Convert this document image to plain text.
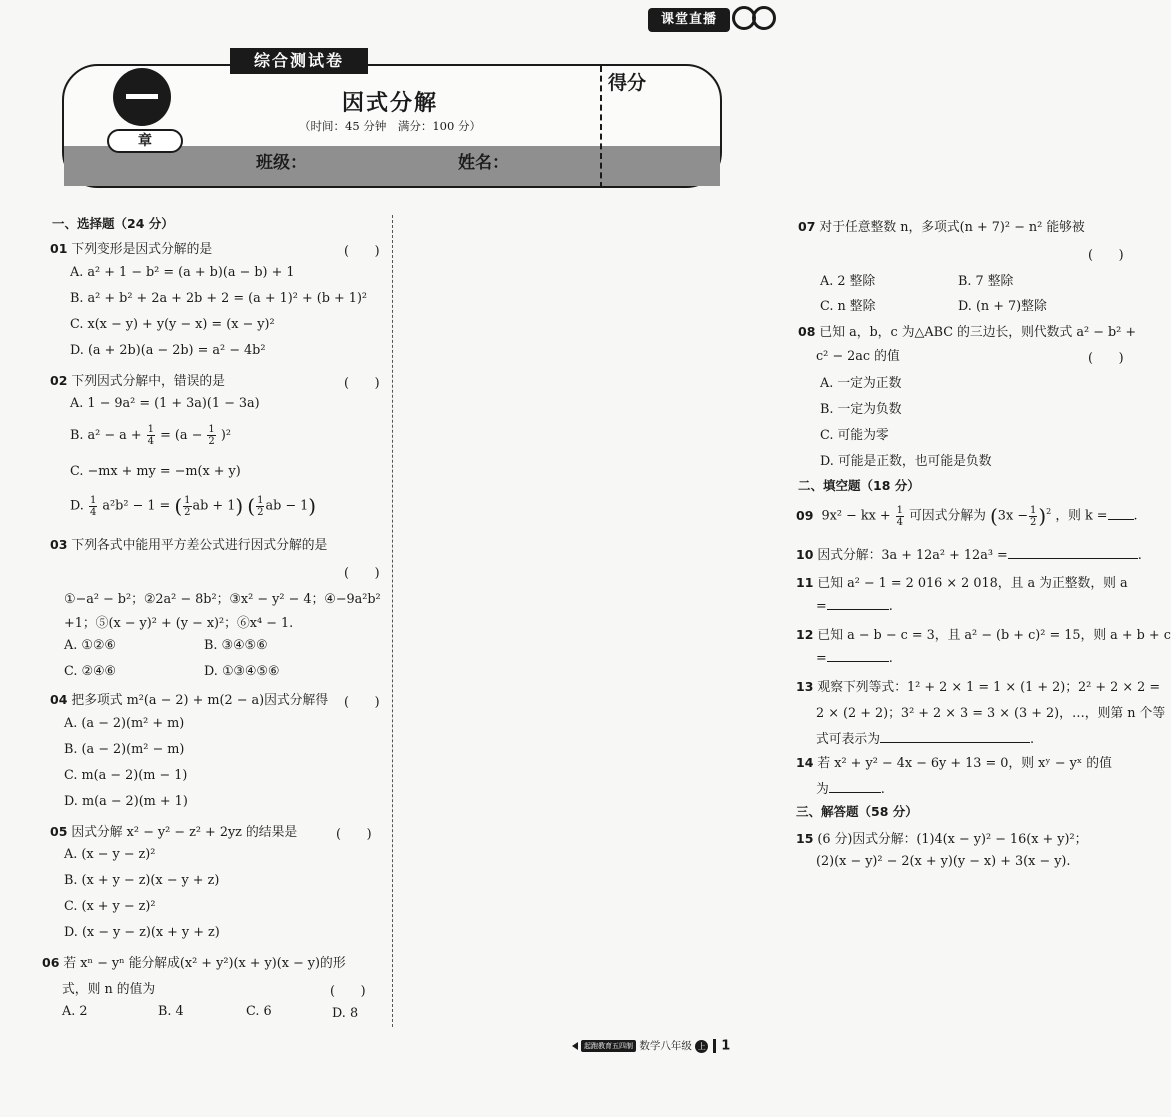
课堂直播
综合测试卷
章
因式分解
（时间：45 分钟　满分：100 分）
得分
班级：	姓名：
一、选择题（24 分）
01 下列变形是因式分解的是	(　　)
A. a² + 1 − b² = (a + b)(a − b) + 1
B. a² + b² + 2a + 2b + 2 = (a + 1)² + (b + 1)²
C. x(x − y) + y(y − x) = (x − y)²
D. (a + 2b)(a − 2b) = a² − 4b²
02 下列因式分解中，错误的是	(　　)
A. 1 − 9a² = (1 + 3a)(1 − 3a)
B. $a^2 - a + \frac{1}{4} = (a - \frac{1}{2} )^2$
C. −mx + my = −m(x + y)
D. $\frac{1}{4} a^2b^2 - 1$ = ( $\frac{1}{2}$ ab + 1) ( $\frac{1}{2}$ ab − 1)
03 下列各式中能用平方差公式进行因式分解的是
(　　)
①−a² − b²；②2a² − 8b²；③x² − y² − 4；④−9a²b²
+1；⑤(x − y)² + (y − x)²；⑥x⁴ − 1.
A. ①②⑥	B. ③④⑤⑥
C. ②④⑥	D. ①③④⑤⑥
04 把多项式 m²(a − 2) + m(2 − a)因式分解得 (　　)
A. (a − 2)(m² + m)
B. (a − 2)(m² − m)
C. m(a − 2)(m − 1)
D. m(a − 2)(m + 1)
05 因式分解 x² − y² − z² + 2yz 的结果是	(　　)
A. (x − y − z)²
B. (x + y − z)(x − y + z)
C. (x + y − z)²
D. (x − y − z)(x + y + z)
06 若 xⁿ − yⁿ 能分解成(x² + y²)(x + y)(x − y)的形
式，则 n 的值为	(　　)
A. 2	B. 4	C. 6	D. 8
07 对于任意整数 n，多项式(n + 7)² − n² 能够被
(　　)
A. 2 整除	B. 7 整除
C. n 整除	D. (n + 7)整除
08 已知 a，b，c 为△ABC 的三边长，则代数式 a² − b² +
c² − 2ac 的值	(　　)
A. 一定为正数
B. 一定为负数
C. 可能为零
D. 可能是正数，也可能是负数
二、填空题（18 分）
09 9x² − kx + $\frac{1}{4}$ 可因式分解为 $(3x - \frac{1}{2} )^2$ ，则 k = .
10 因式分解：3a + 12a² + 12a³ =	.
11 已知 a² − 1 = 2 016 × 2 018，且 a 为正整数，则 a
=	.
12 已知 a − b − c = 3，且 a² − (b + c)² = 15，则 a + b + c
=	.
13 观察下列等式：1² + 2 × 1 = 1 × (1 + 2)；2² + 2 × 2 =
2 × (2 + 2)；3² + 2 × 3 = 3 × (3 + 2)，…，则第 n 个等
式可表示为	.
14 若 x² + y² − 4x − 6y + 13 = 0，则 xʸ − yˣ 的值
为	.
三、解答题（58 分）
15 (6 分)因式分解：(1)4(x − y)² − 16(x + y)²；
(2)(x − y)² − 2(x + y)(y − x) + 3(x − y).
起跑教育五四制 数学八年级 上 1
